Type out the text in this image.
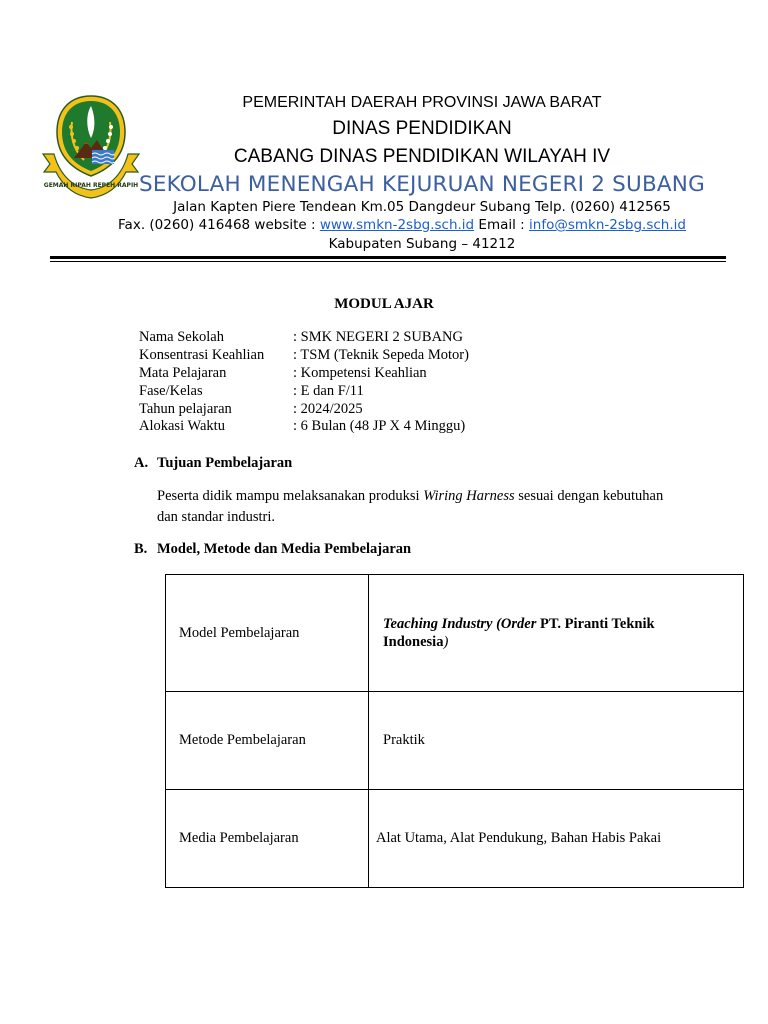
GEMAH RIPAH REPEH RAPIH
PEMERINTAH DAERAH PROVINSI JAWA BARAT
DINAS PENDIDIKAN
CABANG DINAS PENDIDIKAN WILAYAH IV
SEKOLAH MENENGAH KEJURUAN NEGERI 2 SUBANG
Jalan Kapten Piere Tendean Km.05 Dangdeur Subang Telp. (0260) 412565
Fax. (0260) 416468 website : www.smkn-2sbg.sch.id Email : info@smkn-2sbg.sch.id
Kabupaten Subang – 41212
MODUL AJAR
Nama Sekolah	: SMK NEGERI 2 SUBANG
Konsentrasi Keahlian : TSM (Teknik Sepeda Motor)
Mata Pelajaran	: Kompetensi Keahlian
Fase/Kelas	: E dan F/11
Tahun pelajaran	: 2024/2025
Alokasi Waktu	: 6 Bulan (48 JP X 4 Minggu)
A. Tujuan Pembelajaran
Peserta didik mampu melaksanakan produksi Wiring Harness sesuai dengan kebutuhan
dan standar industri.
B. Model, Metode dan Media Pembelajaran
Model Pembelajaran	Teaching Industry (Order PT. Piranti Teknik
Indonesia)
Metode Pembelajaran	Praktik
Media Pembelajaran	Alat Utama, Alat Pendukung, Bahan Habis Pakai
